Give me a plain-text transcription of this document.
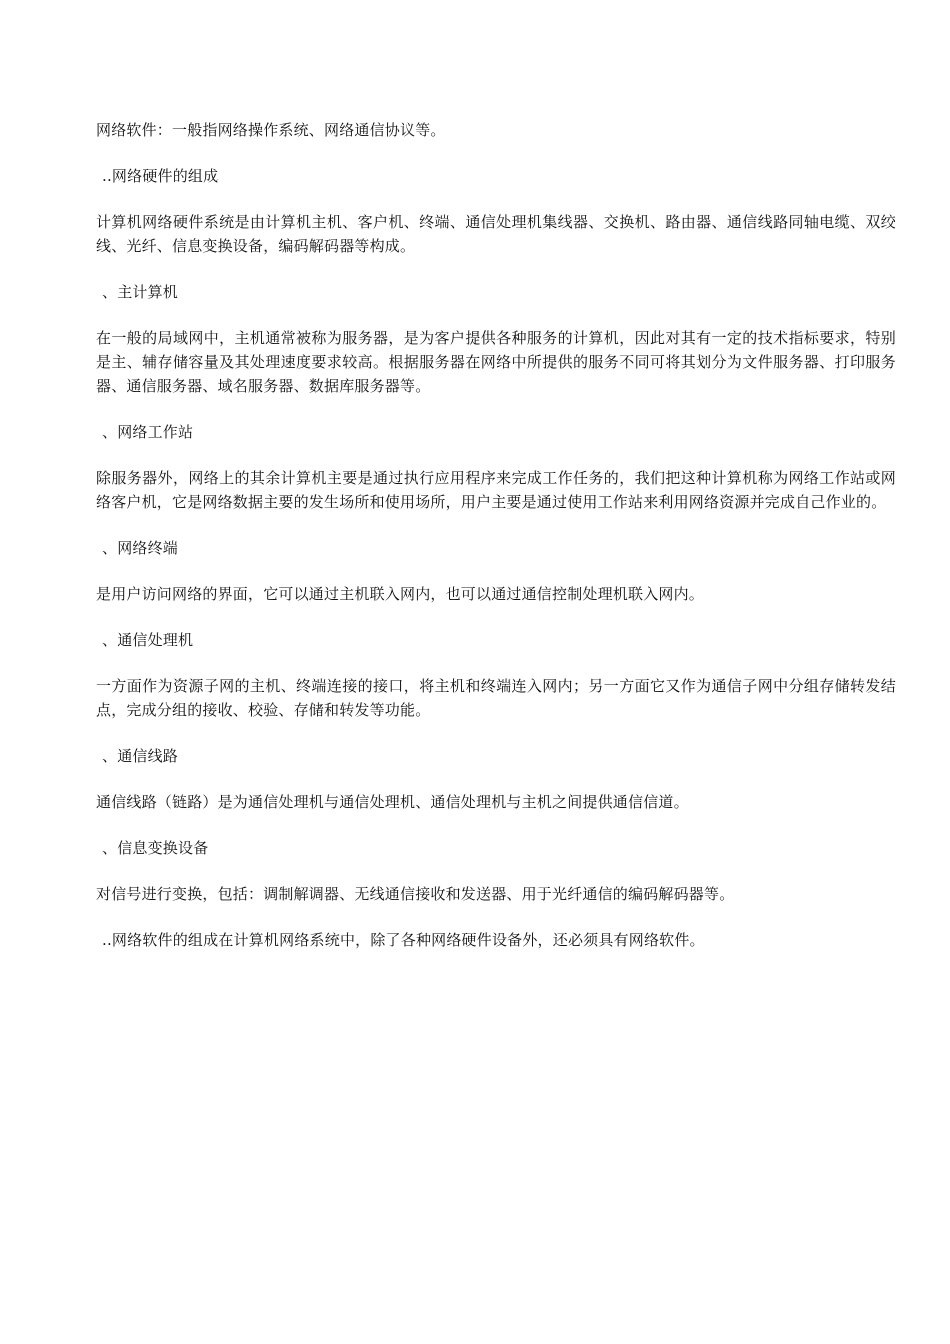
网络软件：一般指网络操作系统、网络通信协议等。

..网络硬件的组成

计算机网络硬件系统是由计算机主机、客户机、终端、通信处理机集线器、交换机、路由器、通信线路同轴电缆、双绞线、光纤、信息变换设备，编码解码器等构成。

、主计算机

在一般的局域网中，主机通常被称为服务器，是为客户提供各种服务的计算机，因此对其有一定的技术指标要求，特别是主、辅存储容量及其处理速度要求较高。根据服务器在网络中所提供的服务不同可将其划分为文件服务器、打印服务器、通信服务器、域名服务器、数据库服务器等。

、网络工作站

除服务器外，网络上的其余计算机主要是通过执行应用程序来完成工作任务的，我们把这种计算机称为网络工作站或网络客户机，它是网络数据主要的发生场所和使用场所，用户主要是通过使用工作站来利用网络资源并完成自己作业的。

、网络终端

是用户访问网络的界面，它可以通过主机联入网内，也可以通过通信控制处理机联入网内。

、通信处理机

一方面作为资源子网的主机、终端连接的接口，将主机和终端连入网内；另一方面它又作为通信子网中分组存储转发结点，完成分组的接收、校验、存储和转发等功能。

、通信线路

通信线路（链路）是为通信处理机与通信处理机、通信处理机与主机之间提供通信信道。

、信息变换设备

对信号进行变换，包括：调制解调器、无线通信接收和发送器、用于光纤通信的编码解码器等。

..网络软件的组成在计算机网络系统中，除了各种网络硬件设备外，还必须具有网络软件。
